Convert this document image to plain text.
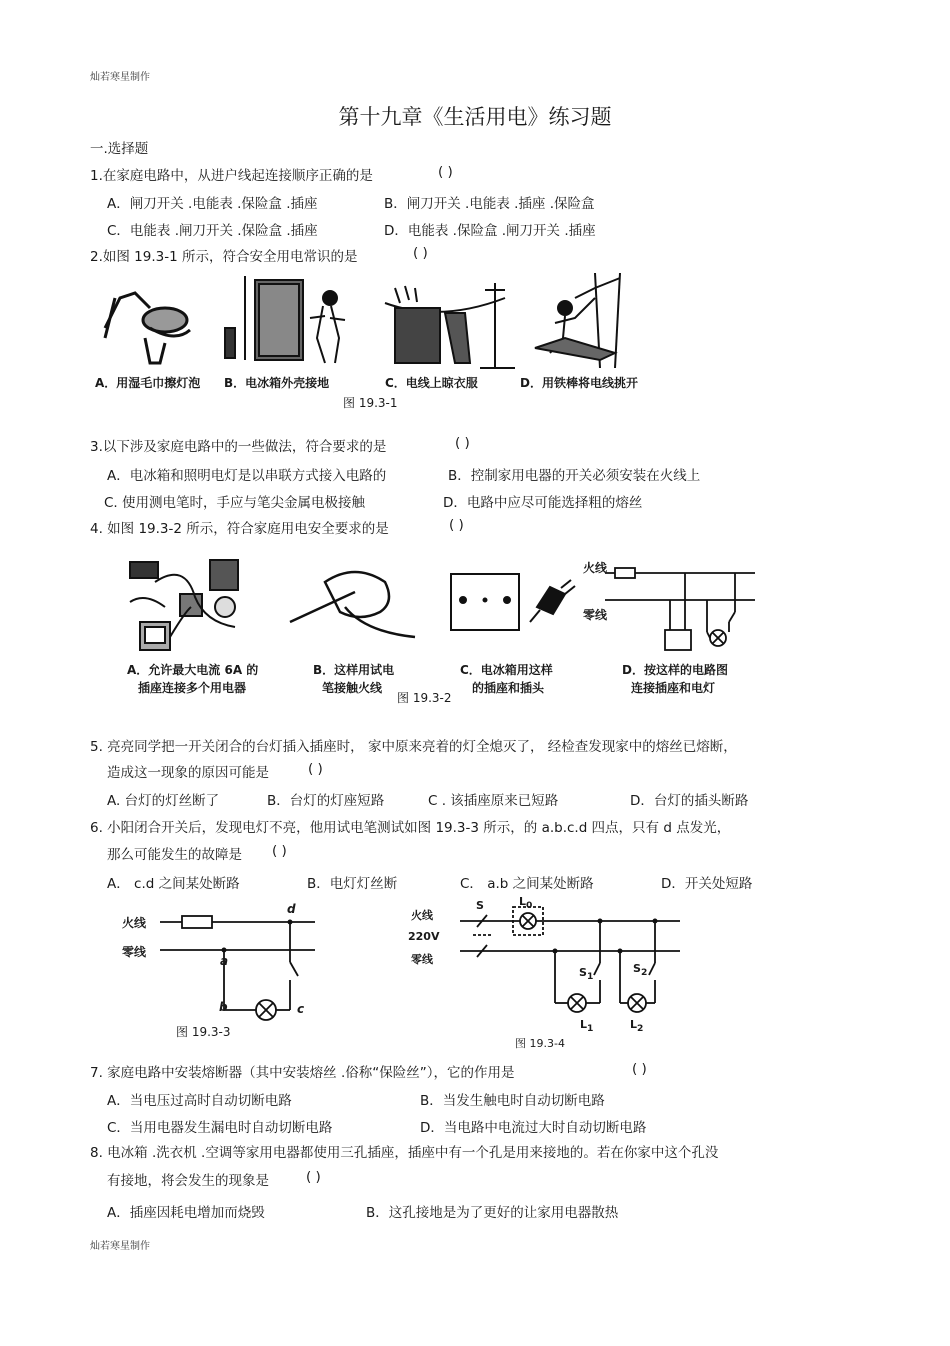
灿若寒星制作
灿若寒星制作
第十九章《生活用电》练习题
一.选择题
1.在家庭电路中，从进户线起连接顺序正确的是	( )
A．闸刀开关 .电能表 .保险盒 .插座	B．闸刀开关 .电能表 .插座 .保险盒
C．电能表 .闸刀开关 .保险盒 .插座	D．电能表 .保险盒 .闸刀开关 .插座
2.如图 19.3-1 所示，符合安全用电常识的是	( )
A．用湿毛巾擦灯泡 B．电冰箱外壳接地	C．电线上晾衣服	D．用铁棒将电线挑开
图 19.3-1
3.以下涉及家庭电路中的一些做法，符合要求的是	( )
A．电冰箱和照明电灯是以串联方式接入电路的	B．控制家用电器的开关必须安装在火线上
C. 使用测电笔时，手应与笔尖金属电极接触	D．电路中应尽可能选择粗的熔丝
4. 如图 19.3-2 所示，符合家庭用电安全要求的是	( )
火线
零线
A．允许最大电流 6A 的
插座连接多个用电器
B．这样用试电
笔接触火线
C．电冰箱用这样
的插座和插头
D．按这样的电路图
连接插座和电灯
图 19.3-2
5. 亮亮同学把一开关闭合的台灯插入插座时， 家中原来亮着的灯全熄灭了， 经检查发现家中的熔丝已熔断，
造成这一现象的原因可能是	( )
A. 台灯的灯丝断了	B．台灯的灯座短路	C . 该插座原来已短路	D．台灯的插头断路
6. 小阳闭合开关后，发现电灯不亮，他用试电笔测试如图 19.3-3 所示，的 a.b.c.d 四点，只有 d 点发光，
那么可能发生的故障是 ( )
A． c.d 之间某处断路	B．电灯灯丝断	C． a.b 之间某处断路	D．开关处短路
火线
零线
d
a
b	c
图 19.3-3
火线
220V
零线
S	$L_0$
$S_1$
$S_2$
$L_1$	$L_2$
图 19.3-4
7. 家庭电路中安装熔断器（其中安装熔丝 .俗称“保险丝”），它的作用是	( )
A．当电压过高时自动切断电路	B．当发生触电时自动切断电路
C．当用电器发生漏电时自动切断电路	D．当电路中电流过大时自动切断电路
8. 电冰箱 .洗衣机 .空调等家用电器都使用三孔插座，插座中有一个孔是用来接地的。若在你家中这个孔没
有接地，将会发生的现象是	( )
A．插座因耗电增加而烧毁	B．这孔接地是为了更好的让家用电器散热
